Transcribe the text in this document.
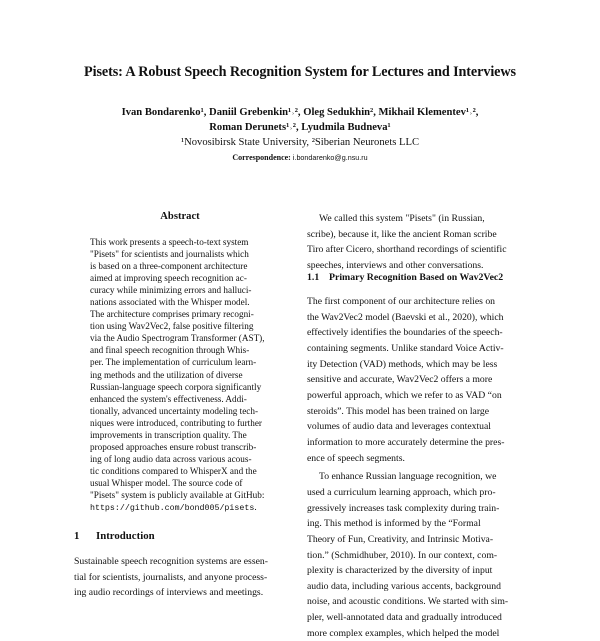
Pisets: A Robust Speech Recognition System for Lectures and Interviews
Ivan Bondarenko¹, Daniil Grebenkin¹˒², Oleg Sedukhin², Mikhail Klementev¹˒²,
Roman Derunets¹˒², Lyudmila Budneva¹
¹Novosibirsk State University, ²Siberian Neuronets LLC
Correspondence: i.bondarenko@g.nsu.ru
Abstract
This work presents a speech-to-text system
"Pisets" for scientists and journalists which
is based on a three-component architecture
aimed at improving speech recognition ac-
curacy while minimizing errors and halluci-
nations associated with the Whisper model.
The architecture comprises primary recogni-
tion using Wav2Vec2, false positive filtering
via the Audio Spectrogram Transformer (AST),
and final speech recognition through Whis-
per. The implementation of curriculum learn-
ing methods and the utilization of diverse
Russian-language speech corpora significantly
enhanced the system's effectiveness. Addi-
tionally, advanced uncertainty modeling tech-
niques were introduced, contributing to further
improvements in transcription quality. The
proposed approaches ensure robust transcrib-
ing of long audio data across various acous-
tic conditions compared to WhisperX and the
usual Whisper model. The source code of
"Pisets" system is publicly available at GitHub:
https://github.com/bond005/pisets.
1 Introduction
Sustainable speech recognition systems are essen-
tial for scientists, journalists, and anyone process-
ing audio recordings of interviews and meetings.
We called this system "Pisets" (in Russian,
scribe), because it, like the ancient Roman scribe
Tiro after Cicero, shorthand recordings of scientific
speeches, interviews and other conversations.
1.1 Primary Recognition Based on Wav2Vec2
The first component of our architecture relies on
the Wav2Vec2 model (Baevski et al., 2020), which
effectively identifies the boundaries of the speech-
containing segments. Unlike standard Voice Activ-
ity Detection (VAD) methods, which may be less
sensitive and accurate, Wav2Vec2 offers a more
powerful approach, which we refer to as VAD “on
steroids”. This model has been trained on large
volumes of audio data and leverages contextual
information to more accurately determine the pres-
ence of speech segments.
To enhance Russian language recognition, we
used a curriculum learning approach, which pro-
gressively increases task complexity during train-
ing. This method is informed by the “Formal
Theory of Fun, Creativity, and Intrinsic Motiva-
tion.” (Schmidhuber, 2010). In our context, com-
plexity is characterized by the diversity of input
audio data, including various accents, background
noise, and acoustic conditions. We started with sim-
pler, well-annotated data and gradually introduced
more complex examples, which helped the model
